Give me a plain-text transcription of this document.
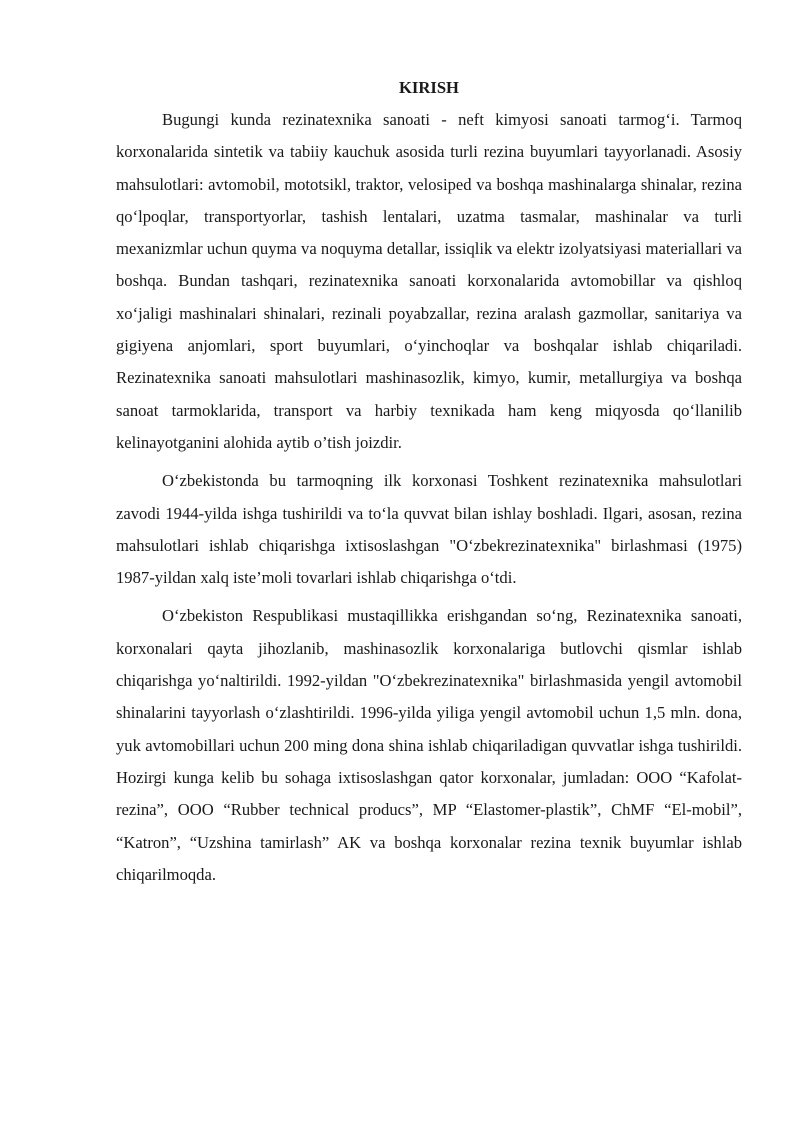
KIRISH

Bugungi kunda rezinatexnika sanoati - neft kimyosi sanoati tarmog‘i. Tarmoq korxonalarida sintetik va tabiiy kauchuk asosida turli rezina buyumlari tayyorlanadi. Asosiy mahsulotlari: avtomobil, mototsikl, traktor, velosiped va boshqa mashinalarga shinalar, rezina qo‘lpoqlar, transportyorlar, tashish lentalari, uzatma tasmalar, mashinalar va turli mexanizmlar uchun quyma va noquyma detallar, issiqlik va elektr izolyatsiyasi materiallari va boshqa. Bundan tashqari, rezinatexnika sanoati korxonalarida avtomobillar va qishloq xo‘jaligi mashinalari shinalari, rezinali poyabzallar, rezina aralash gazmollar, sanitariya va gigiyena anjomlari, sport buyumlari, o‘yinchoqlar va boshqalar ishlab chiqariladi. Rezinatexnika sanoati mahsulotlari mashinasozlik, kimyo, kumir, metallurgiya va boshqa sanoat tarmoklarida, transport va harbiy texnikada ham keng miqyosda qo‘llanilib kelinayotganini alohida aytib o’tish joizdir.

O‘zbekistonda bu tarmoqning ilk korxonasi Toshkent rezinatexnika mahsulotlari zavodi 1944-yilda ishga tushirildi va to‘la quvvat bilan ishlay boshladi. Ilgari, asosan, rezina mahsulotlari ishlab chiqarishga ixtisoslashgan "O‘zbekrezinatexnika" birlashmasi (1975) 1987-yildan xalq iste’moli tovarlari ishlab chiqarishga o‘tdi.

O‘zbekiston Respublikasi mustaqillikka erishgandan so‘ng, Rezinatexnika sanoati, korxonalari qayta jihozlanib, mashinasozlik korxonalariga butlovchi qismlar ishlab chiqarishga yo‘naltirildi. 1992-yildan "O‘zbekrezinatexnika" birlashmasida yengil avtomobil shinalarini tayyorlash o‘zlashtirildi. 1996-yilda yiliga yengil avtomobil uchun 1,5 mln. dona, yuk avtomobillari uchun 200 ming dona shina ishlab chiqariladigan quvvatlar ishga tushirildi. Hozirgi kunga kelib bu sohaga ixtisoslashgan qator korxonalar, jumladan: OOO “Kafolat-rezina”, OOO “Rubber technical producs”, MP “Elastomer-plastik”, ChMF “El-mobil”, “Katron”, “Uzshina tamirlash” AK va boshqa korxonalar rezina texnik buyumlar ishlab chiqarilmoqda.
